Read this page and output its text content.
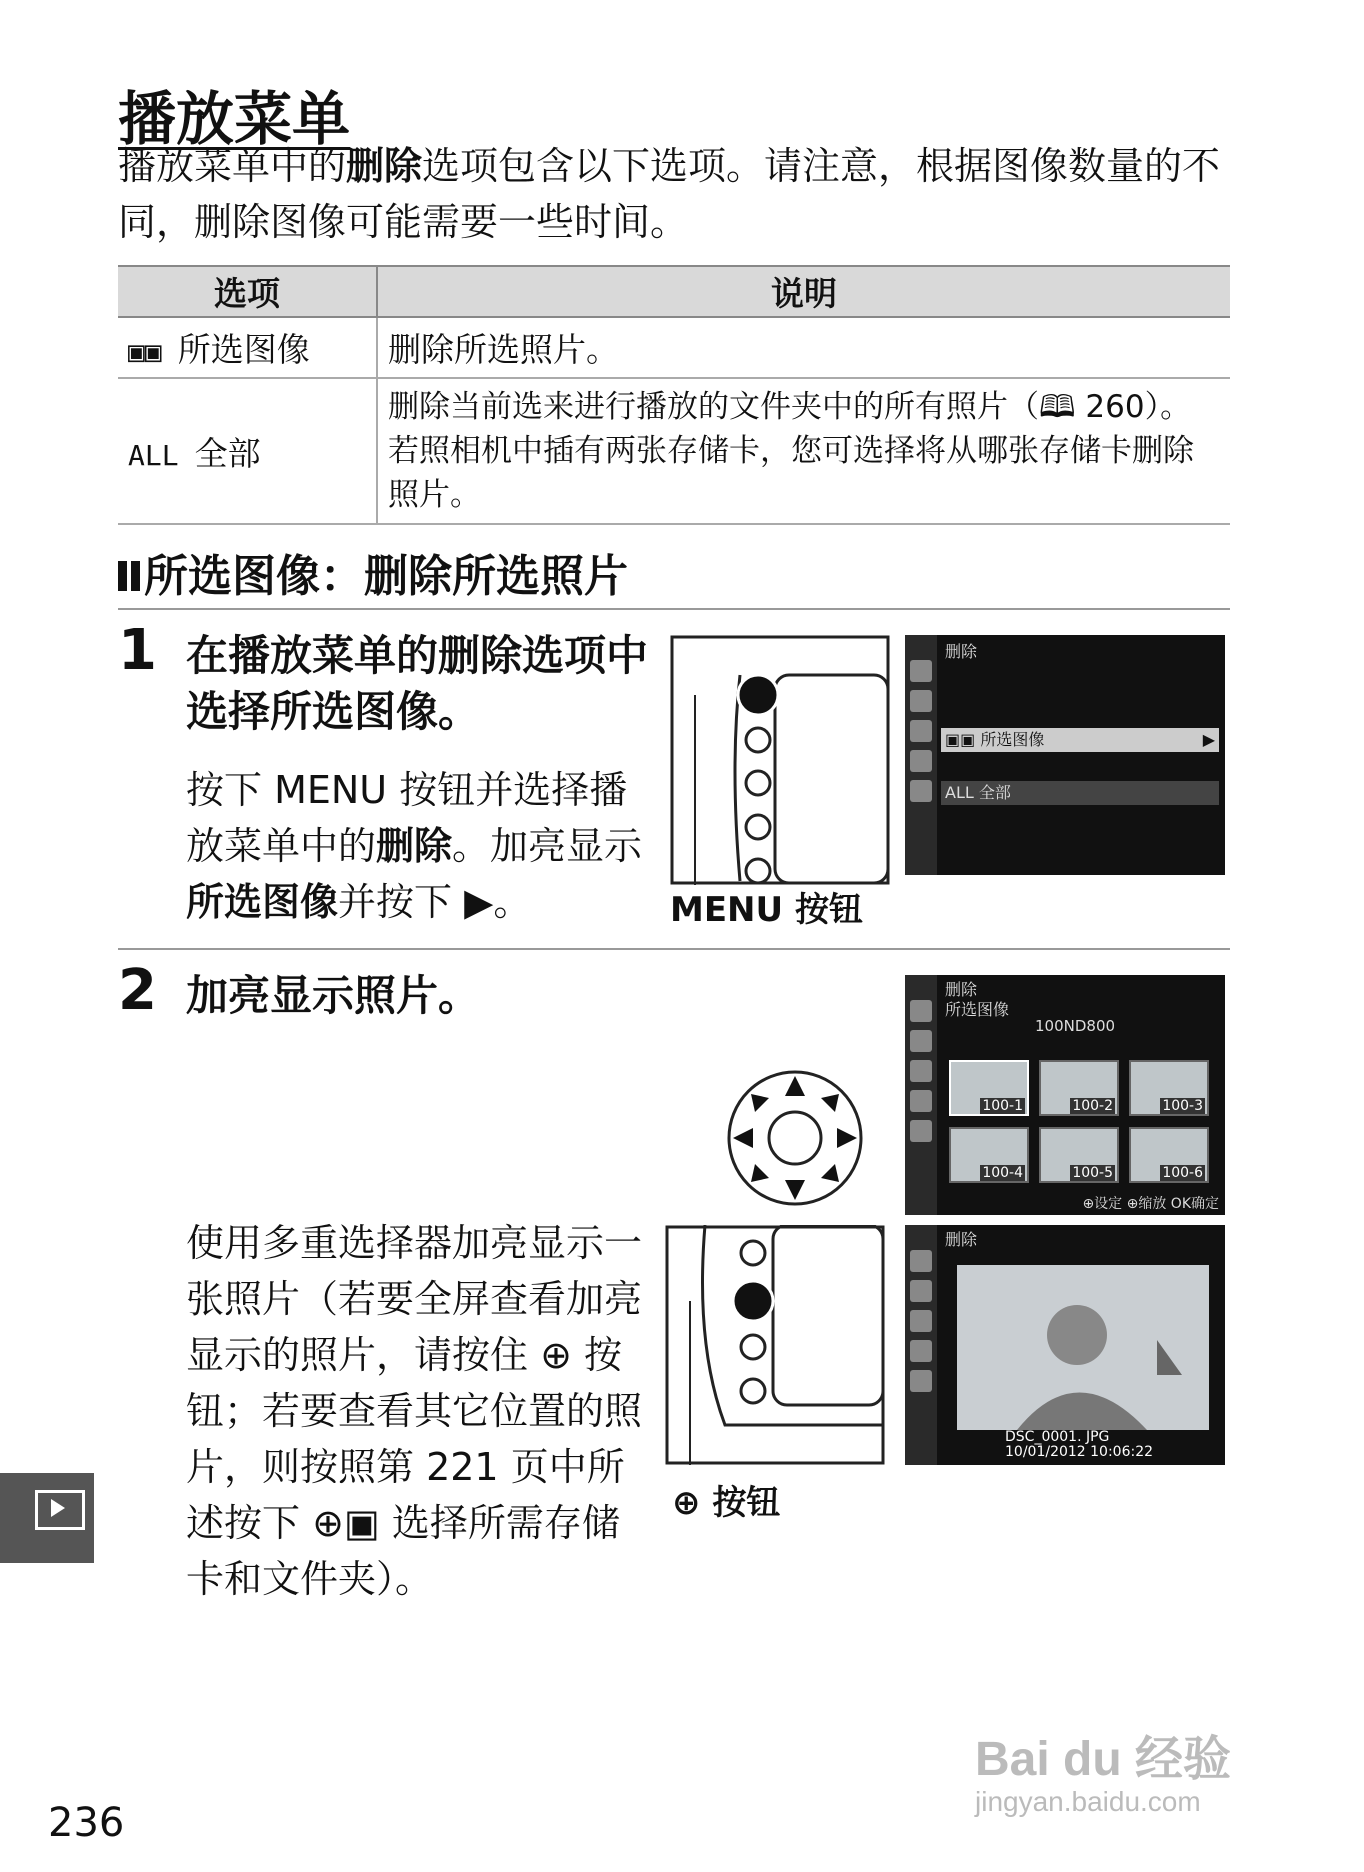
播放菜单
播放菜单中的删除选项包含以下选项。请注意，根据图像数量的不同，删除图像可能需要一些时间。
选项	说明
▣▣ 所选图像	删除所选照片。
ALL 全部	删除当前选来进行播放的文件夹中的所有照片（🕮 260）。若照相机中插有两张存储卡，您可选择将从哪张存储卡删除照片。
所选图像：删除所选照片
1 在播放菜单的删除选项中选择所选图像。
按下 MENU 按钮并选择播放菜单中的删除。加亮显示所选图像并按下 ▶。	MENU 按钮
删除
▣▣ 所选图像	▶
ALL 全部
2 加亮显示照片。
使用多重选择器加亮显示一张照片（若要全屏查看加亮显示的照片，请按住 ⊕ 按钮；若要查看其它位置的照片，则按照第 221 页中所述按下 ⊕▣ 选择所需存储卡和文件夹）。
⊕ 按钮
删除
所选图像
100ND800
100-1	100-2	100-3
100-4	100-5	100-6
⊕设定 ⊕缩放 OK确定
删除
DSC_0001. JPG
10/01/2012 10:06:22
236
Bai du 经验
jingyan.baidu.com
